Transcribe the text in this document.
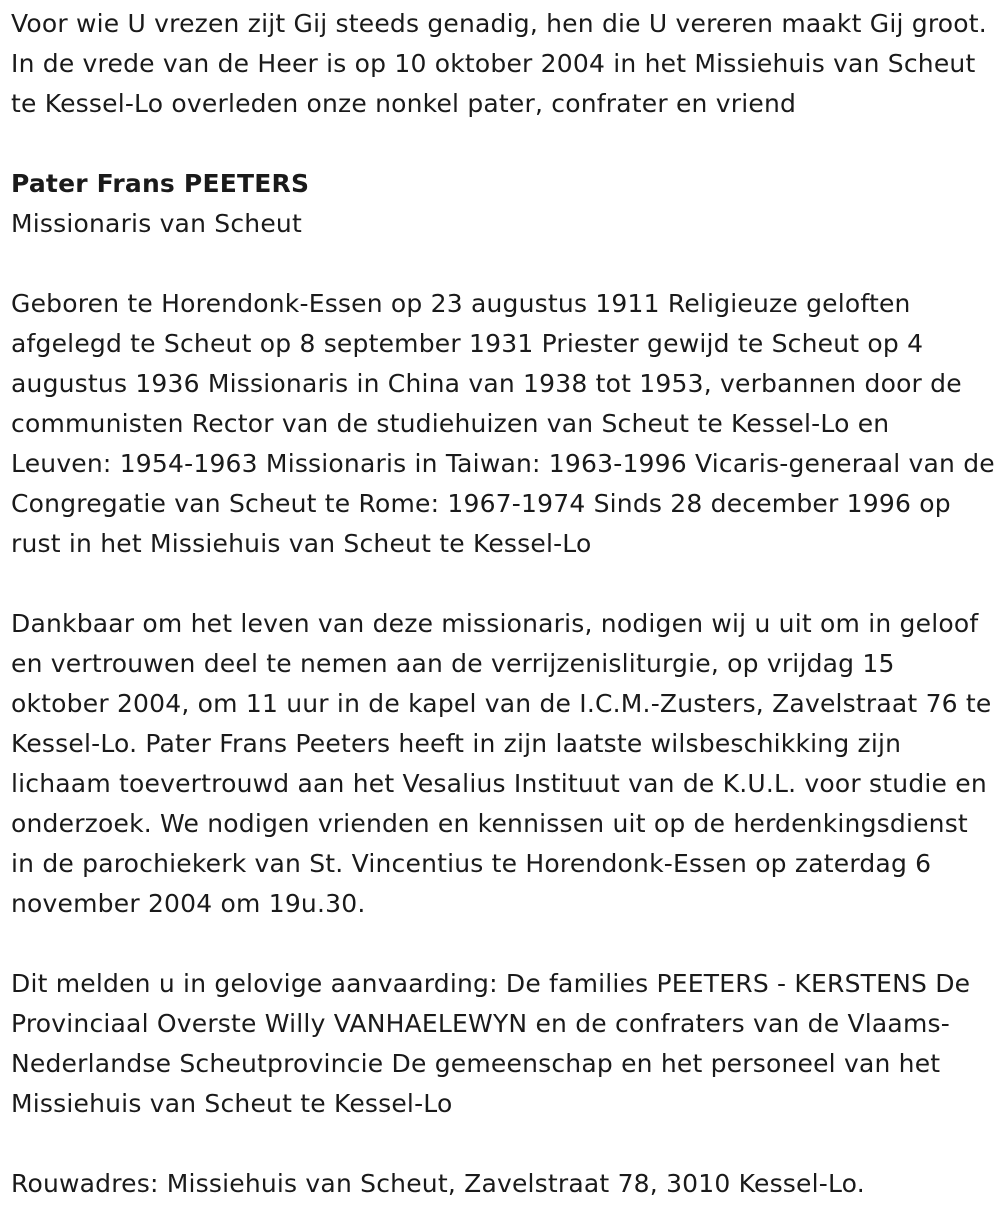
Voor wie U vrezen zijt Gij steeds genadig, hen die U vereren maakt Gij groot. In de vrede van de Heer is op 10 oktober 2004 in het Missiehuis van Scheut te Kessel-Lo overleden onze nonkel pater, confrater en vriend

Pater Frans PEETERS

Missionaris van Scheut

Geboren te Horendonk-Essen op 23 augustus 1911 Religieuze geloften afgelegd te Scheut op 8 september 1931 Priester gewijd te Scheut op 4 augustus 1936 Missionaris in China van 1938 tot 1953, verbannen door de communisten Rector van de studiehuizen van Scheut te Kessel-Lo en Leuven: 1954-1963 Missionaris in Taiwan: 1963-1996 Vicaris-generaal van de Congregatie van Scheut te Rome: 1967-1974 Sinds 28 december 1996 op rust in het Missiehuis van Scheut te Kessel-Lo

Dankbaar om het leven van deze missionaris, nodigen wij u uit om in geloof en vertrouwen deel te nemen aan de verrijzenisliturgie, op vrijdag 15 oktober 2004, om 11 uur in de kapel van de I.C.M.-Zusters, Zavelstraat 76 te Kessel-Lo. Pater Frans Peeters heeft in zijn laatste wilsbeschikking zijn lichaam toevertrouwd aan het Vesalius Instituut van de K.U.L. voor studie en onderzoek. We nodigen vrienden en kennissen uit op de herdenkingsdienst in de parochiekerk van St. Vincentius te Horendonk-Essen op zaterdag 6 november 2004 om 19u.30.

Dit melden u in gelovige aanvaarding: De families PEETERS - KERSTENS De Provinciaal Overste Willy VANHAELEWYN en de confraters van de Vlaams-Nederlandse Scheutprovincie De gemeenschap en het personeel van het Missiehuis van Scheut te Kessel-Lo

Rouwadres: Missiehuis van Scheut, Zavelstraat 78, 3010 Kessel-Lo.
